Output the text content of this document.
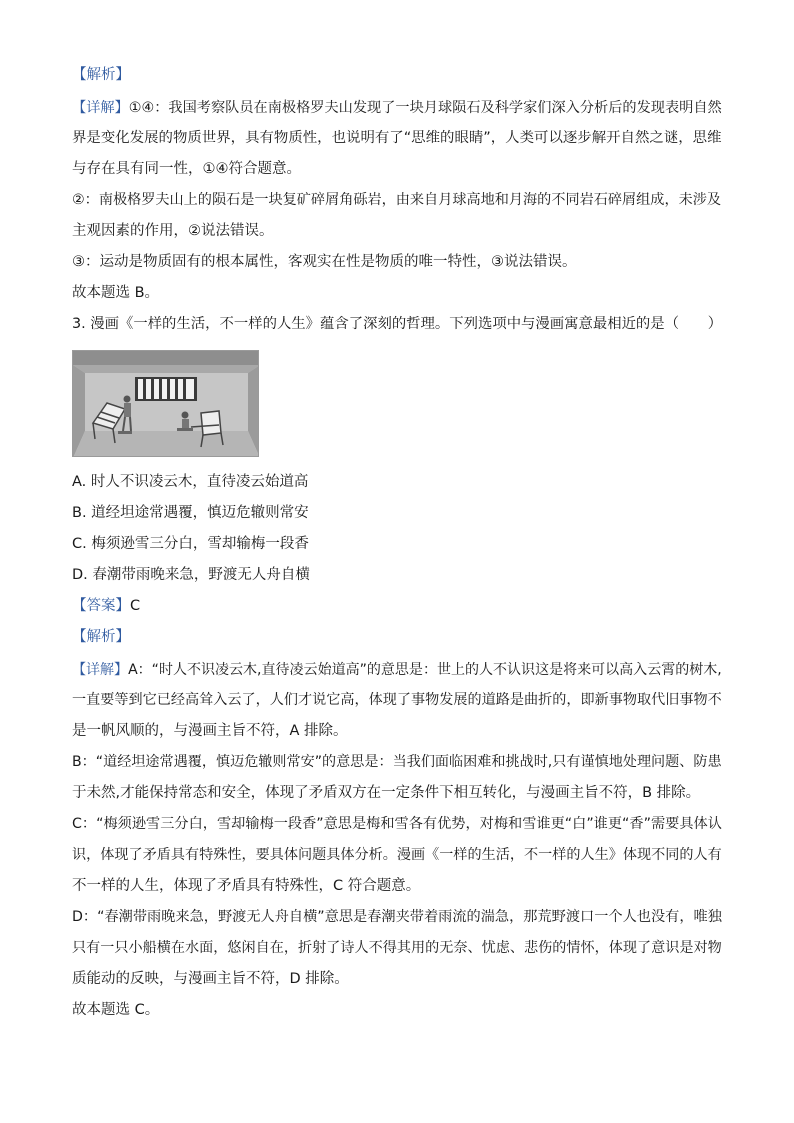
【解析】
【详解】①④：我国考察队员在南极格罗夫山发现了一块月球陨石及科学家们深入分析后的发现表明自然
界是变化发展的物质世界，具有物质性，也说明有了“思维的眼睛”，人类可以逐步解开自然之谜，思维
与存在具有同一性，①④符合题意。
②：南极格罗夫山上的陨石是一块复矿碎屑角砾岩，由来自月球高地和月海的不同岩石碎屑组成，未涉及
主观因素的作用，②说法错误。
③：运动是物质固有的根本属性，客观实在性是物质的唯一特性，③说法错误。
故本题选 B。
3. 漫画《一样的生活，不一样的人生》蕴含了深刻的哲理。下列选项中与漫画寓意最相近的是（　　）
A. 时人不识凌云木，直待凌云始道高
B. 道经坦途常遇覆，慎迈危辙则常安
C. 梅须逊雪三分白，雪却输梅一段香
D. 春潮带雨晚来急，野渡无人舟自横
【答案】C
【解析】
【详解】A：“时人不识凌云木,直待凌云始道高”的意思是：世上的人不认识这是将来可以高入云霄的树木,
一直要等到它已经高耸入云了，人们才说它高，体现了事物发展的道路是曲折的，即新事物取代旧事物不
是一帆风顺的，与漫画主旨不符，A 排除。
B：“道经坦途常遇覆，慎迈危辙则常安”的意思是：当我们面临困难和挑战时,只有谨慎地处理问题、防患
于未然,才能保持常态和安全，体现了矛盾双方在一定条件下相互转化，与漫画主旨不符，B 排除。
C：“梅须逊雪三分白，雪却输梅一段香”意思是梅和雪各有优势，对梅和雪谁更“白”谁更“香”需要具体认
识，体现了矛盾具有特殊性，要具体问题具体分析。漫画《一样的生活，不一样的人生》体现不同的人有
不一样的人生，体现了矛盾具有特殊性，C 符合题意。
D：“春潮带雨晚来急，野渡无人舟自横”意思是春潮夹带着雨流的湍急，那荒野渡口一个人也没有，唯独
只有一只小船横在水面，悠闲自在，折射了诗人不得其用的无奈、忧虑、悲伤的情怀，体现了意识是对物
质能动的反映，与漫画主旨不符，D 排除。
故本题选 C。
